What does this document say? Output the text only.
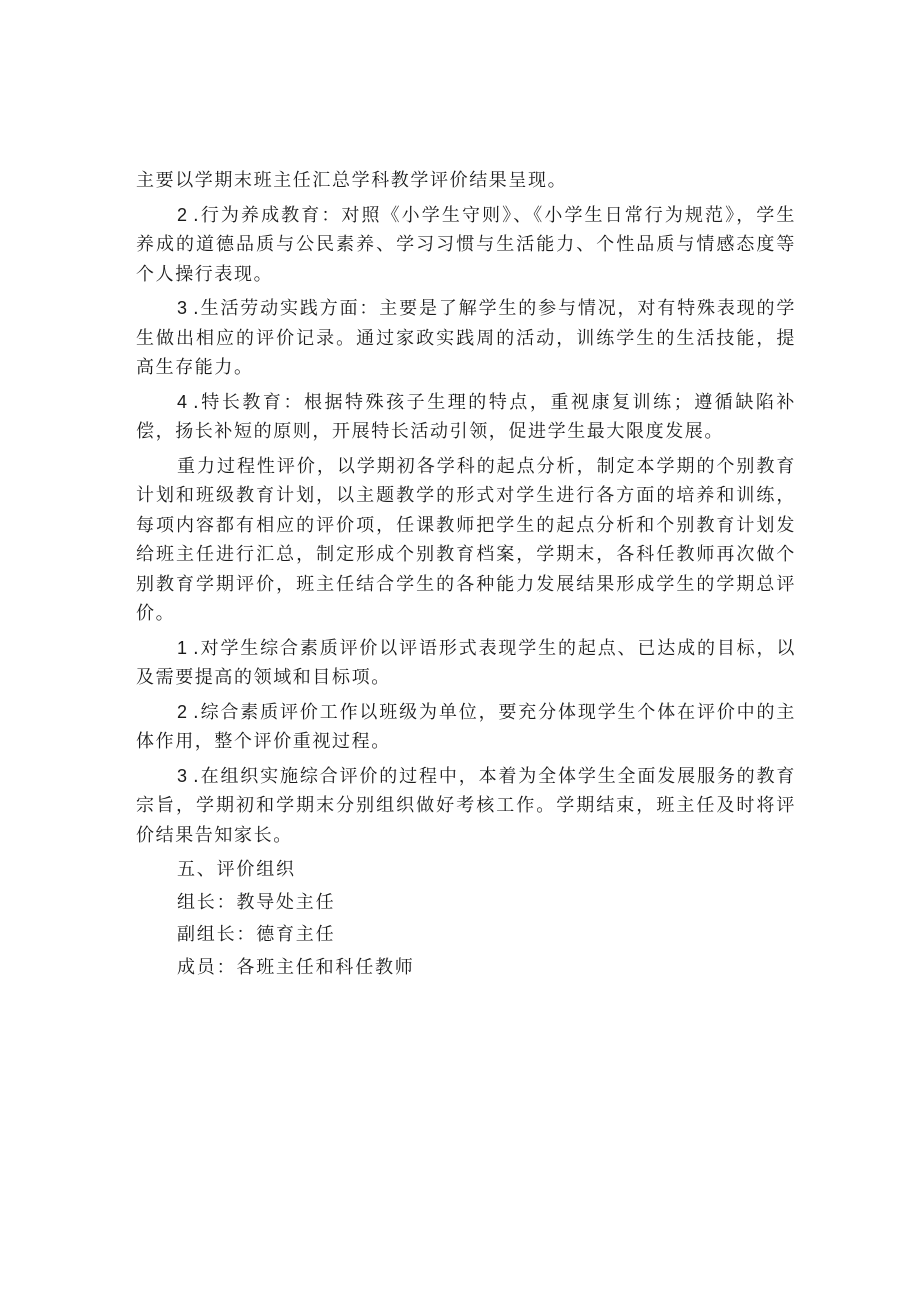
主要以学期末班主任汇总学科教学评价结果呈现。

2 .行为养成教育：对照《小学生守则》、《小学生日常行为规范》，学生养成的道德品质与公民素养、学习习惯与生活能力、个性品质与情感态度等个人操行表现。

3 .生活劳动实践方面：主要是了解学生的参与情况，对有特殊表现的学生做出相应的评价记录。通过家政实践周的活动，训练学生的生活技能，提高生存能力。

4 .特长教育：根据特殊孩子生理的特点，重视康复训练；遵循缺陷补偿，扬长补短的原则，开展特长活动引领，促进学生最大限度发展。

重力过程性评价，以学期初各学科的起点分析，制定本学期的个别教育计划和班级教育计划，以主题教学的形式对学生进行各方面的培养和训练，每项内容都有相应的评价项，任课教师把学生的起点分析和个别教育计划发给班主任进行汇总，制定形成个别教育档案，学期末，各科任教师再次做个别教育学期评价，班主任结合学生的各种能力发展结果形成学生的学期总评价。

1 .对学生综合素质评价以评语形式表现学生的起点、已达成的目标，以及需要提高的领域和目标项。

2 .综合素质评价工作以班级为单位，要充分体现学生个体在评价中的主体作用，整个评价重视过程。

3 .在组织实施综合评价的过程中，本着为全体学生全面发展服务的教育宗旨，学期初和学期末分别组织做好考核工作。学期结束，班主任及时将评价结果告知家长。

五、评价组织
组长：教导处主任
副组长：德育主任
成员：各班主任和科任教师
